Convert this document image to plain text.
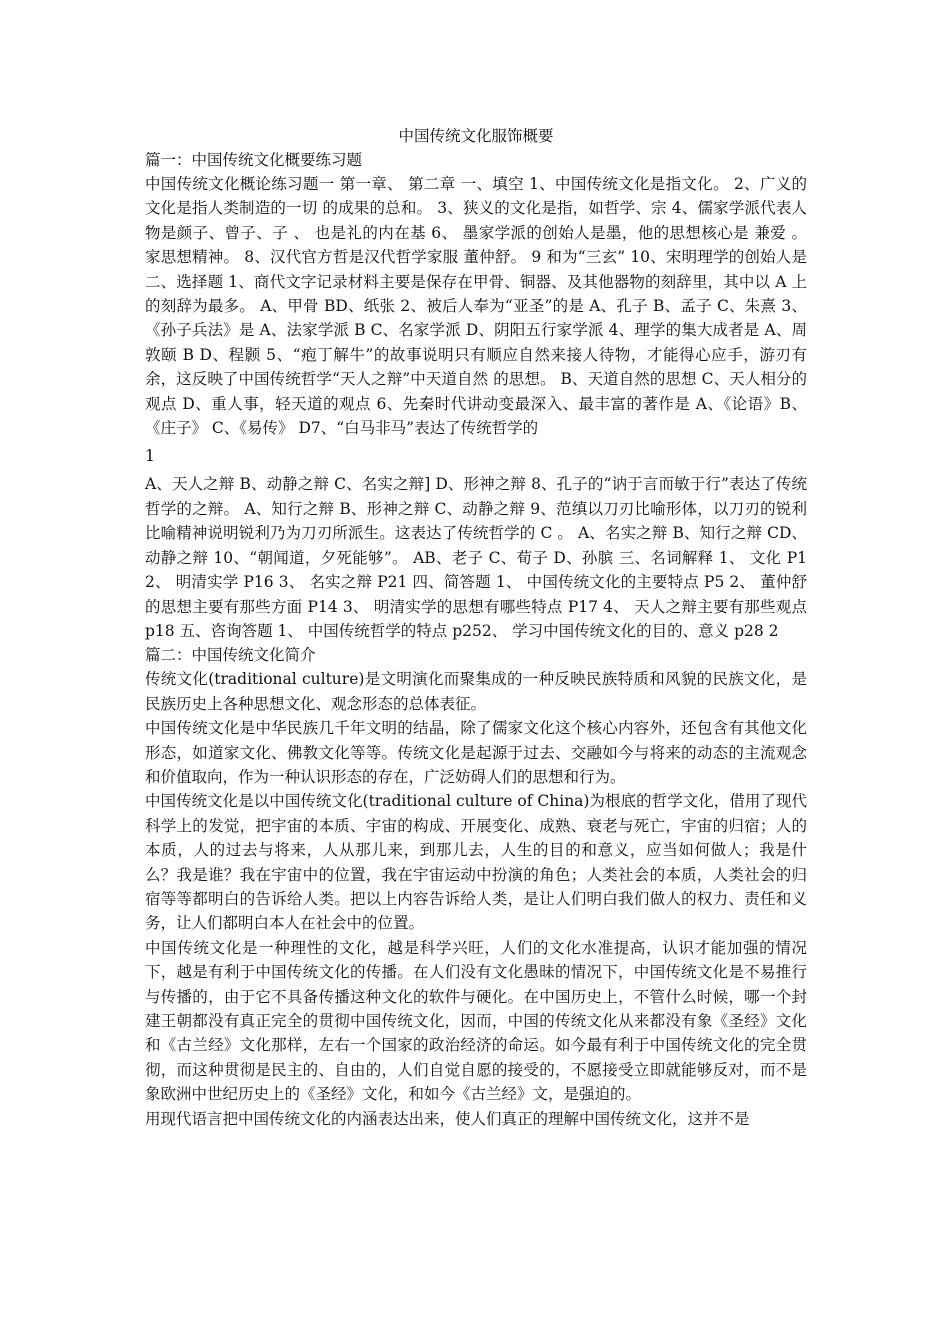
中国传统文化服饰概要

篇一：中国传统文化概要练习题

中国传统文化概论练习题一 第一章、 第二章 一、填空 1、中国传统文化是指文化。 2、广义的文化是指人类制造的一切 的成果的总和。 3、狭义的文化是指，如哲学、宗 4、儒家学派代表人物是颜子、曾子、子 、 也是礼的内在基 6、 墨家学派的创始人是墨，他的思想核心是 兼爱 。 家思想精神。 8、汉代官方哲是汉代哲学家服 董仲舒。 9 和为“三玄” 10、宋明理学的创始人是 二、选择题 1、商代文字记录材料主要是保存在甲骨、铜器、及其他器物的刻辞里，其中以 A 上的刻辞为最多。 A、甲骨 BD、纸张 2、被后人奉为“亚圣”的是 A、孔子 B、孟子 C、朱熹 3、《孙子兵法》是 A、法家学派 B C、名家学派 D、阴阳五行家学派 4、理学的集大成者是 A、周敦颐 B D、程颢 5、“疱丁解牛”的故事说明只有顺应自然来接人待物，才能得心应手，游刃有余，这反映了中国传统哲学“天人之辩”中天道自然 的思想。 B、天道自然的思想 C、天人相分的观点 D、重人事，轻天道的观点 6、先秦时代讲动变最深入、最丰富的著作是 A、《论语》B、《庄子》 C、《易传》 D7、“白马非马”表达了传统哲学的

1

A、天人之辩 B、动静之辩 C、名实之辩] D、形神之辩 8、孔子的“讷于言而敏于行”表达了传统哲学的之辩。 A、知行之辩 B、形神之辩 C、动静之辩 9、范缜以刀刃比喻形体，以刀刃的锐利比喻精神说明锐利乃为刀刃所派生。这表达了传统哲学的 C 。 A、名实之辩 B、知行之辩 CD、动静之辩 10、“朝闻道，夕死能够”。 AB、老子 C、荀子 D、孙膑 三、名词解释 1、 文化 P1 2、 明清实学 P16 3、 名实之辩 P21 四、简答题 1、 中国传统文化的主要特点 P5 2、 董仲舒的思想主要有那些方面 P14 3、 明清实学的思想有哪些特点 P17 4、 天人之辩主要有那些观点 p18 五、咨询答题 1、 中国传统哲学的特点 p252、 学习中国传统文化的目的、意义 p28 2

篇二：中国传统文化简介

传统文化(traditional culture)是文明演化而聚集成的一种反映民族特质和风貌的民族文化，是民族历史上各种思想文化、观念形态的总体表征。

中国传统文化是中华民族几千年文明的结晶，除了儒家文化这个核心内容外，还包含有其他文化形态，如道家文化、佛教文化等等。传统文化是起源于过去、交融如今与将来的动态的主流观念和价值取向，作为一种认识形态的存在，广泛妨碍人们的思想和行为。

中国传统文化是以中国传统文化(traditional culture of China)为根底的哲学文化，借用了现代科学上的发觉，把宇宙的本质、宇宙的构成、开展变化、成熟、衰老与死亡，宇宙的归宿；人的本质，人的过去与将来，人从那儿来，到那儿去，人生的目的和意义，应当如何做人；我是什么？我是谁？我在宇宙中的位置，我在宇宙运动中扮演的角色；人类社会的本质，人类社会的归宿等等都明白的告诉给人类。把以上内容告诉给人类，是让人们明白我们做人的权力、责任和义务，让人们都明白本人在社会中的位置。

中国传统文化是一种理性的文化，越是科学兴旺，人们的文化水准提高，认识才能加强的情况下，越是有利于中国传统文化的传播。在人们没有文化愚昧的情况下，中国传统文化是不易推行与传播的，由于它不具备传播这种文化的软件与硬化。在中国历史上，不管什么时候，哪一个封建王朝都没有真正完全的贯彻中国传统文化，因而，中国的传统文化从来都没有象《圣经》文化和《古兰经》文化那样，左右一个国家的政治经济的命运。如今最有利于中国传统文化的完全贯彻，而这种贯彻是民主的、自由的，人们自觉自愿的接受的，不愿接受立即就能够反对，而不是象欧洲中世纪历史上的《圣经》文化，和如今《古兰经》文，是强迫的。

用现代语言把中国传统文化的内涵表达出来，使人们真正的理解中国传统文化，这并不是
